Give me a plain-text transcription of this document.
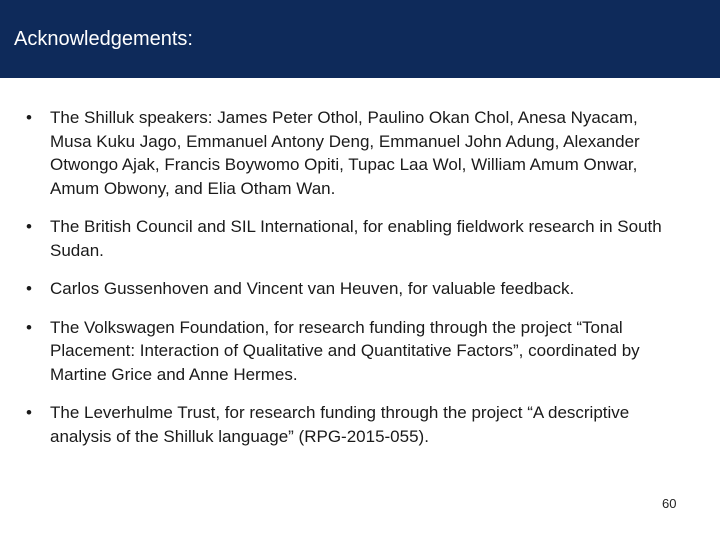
Acknowledgements:
•	The Shilluk speakers: James Peter Othol, Paulino Okan Chol, Anesa Nyacam, Musa Kuku Jago, Emmanuel Antony Deng, Emmanuel John Adung, Alexander Otwongo Ajak, Francis Boywomo Opiti, Tupac Laa Wol, William Amum Onwar, Amum Obwony, and Elia Otham Wan.
•	The British Council and SIL International, for enabling fieldwork research in South Sudan.
•	Carlos Gussenhoven and Vincent van Heuven, for valuable feedback.
•	The Volkswagen Foundation, for research funding through the project “Tonal Placement: Interaction of Qualitative and Quantitative Factors”, coordinated by Martine Grice and Anne Hermes.
•	The Leverhulme Trust, for research funding through the project “A descriptive analysis of the Shilluk language” (RPG-2015-055).
60
